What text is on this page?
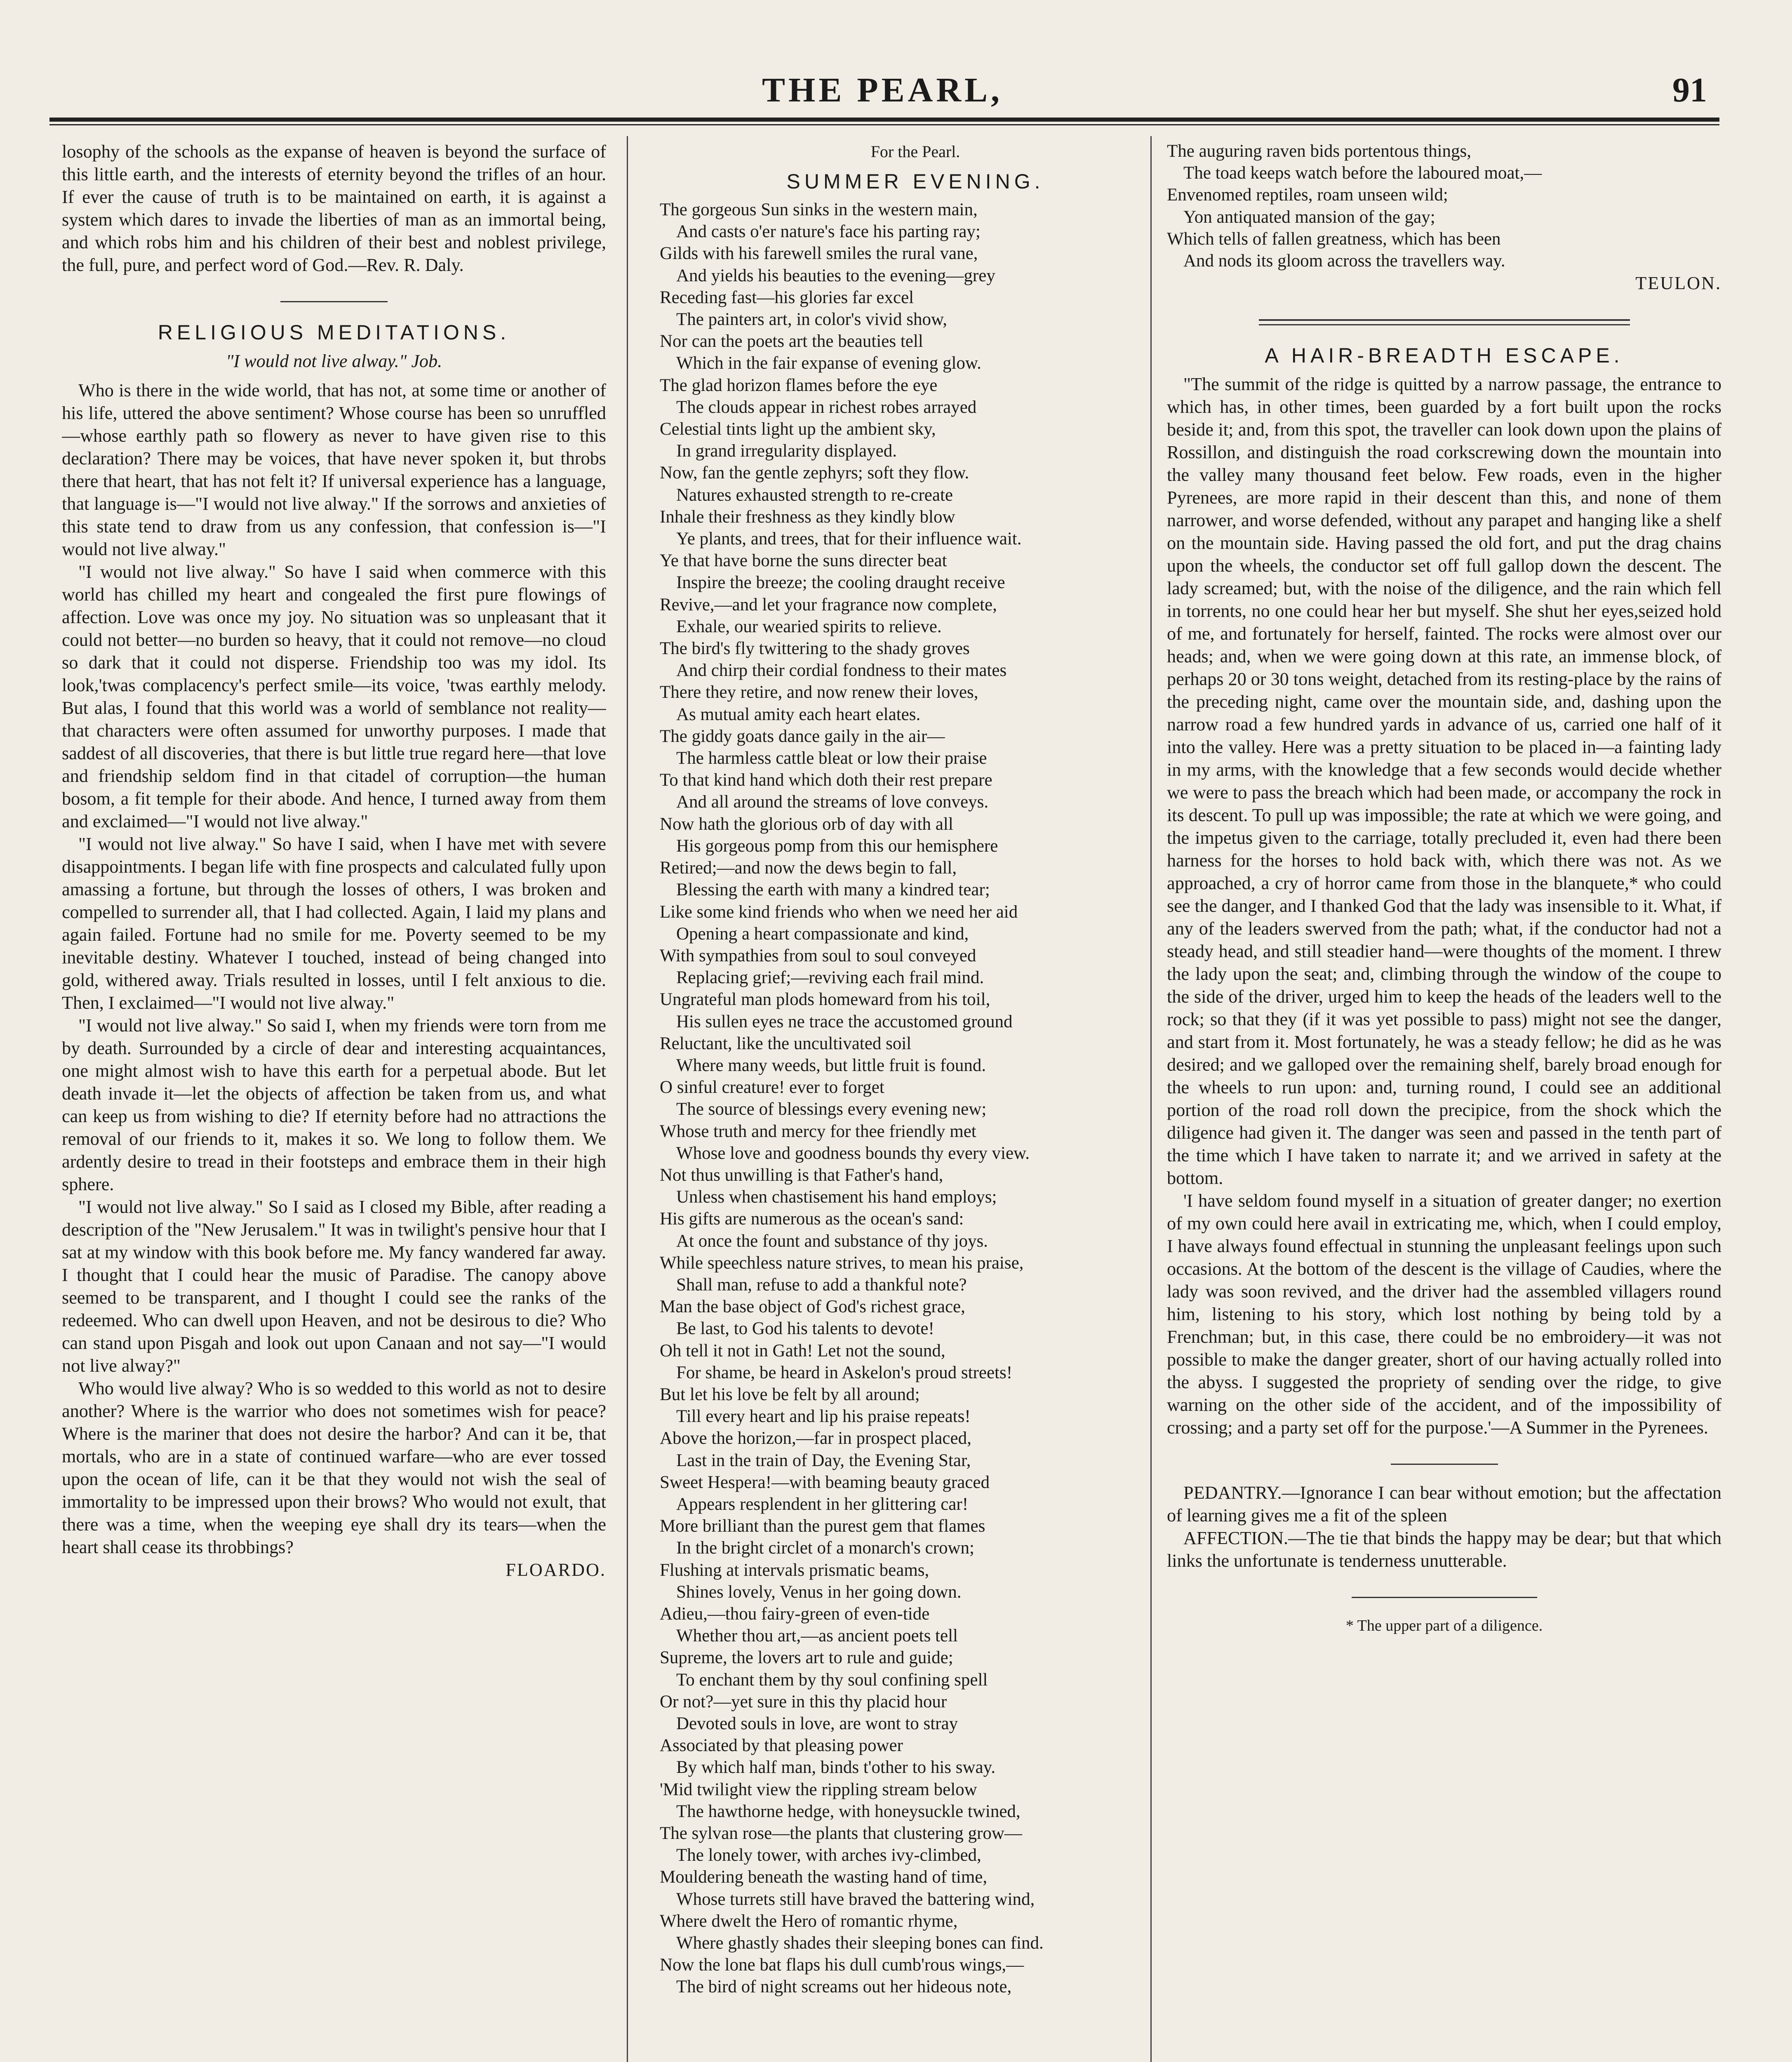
THE PEARL,	91

losophy of the schools as the expanse of heaven is beyond the surface of this little earth, and the interests of eternity beyond the trifles of an hour. If ever the cause of truth is to be maintained on earth, it is against a system which dares to invade the liberties of man as an immortal being, and which robs him and his children of their best and noblest privilege, the full, pure, and perfect word of God.—Rev. R. Daly.

RELIGIOUS MEDITATIONS.
"I would not live alway." Job.

Who is there in the wide world, that has not, at some time or another of his life, uttered the above sentiment? Whose course has been so unruffled—whose earthly path so flowery as never to have given rise to this declaration? There may be voices, that have never spoken it, but throbs there that heart, that has not felt it? If universal experience has a language, that language is—"I would not live alway." If the sorrows and anxieties of this state tend to draw from us any confession, that confession is—"I would not live alway."

"I would not live alway." So have I said when commerce with this world has chilled my heart and congealed the first pure flowings of affection. Love was once my joy. No situation was so unpleasant that it could not better—no burden so heavy, that it could not remove—no cloud so dark that it could not disperse. Friendship too was my idol. Its look,'twas complacency's perfect smile—its voice, 'twas earthly melody. But alas, I found that this world was a world of semblance not reality—that characters were often assumed for unworthy purposes. I made that saddest of all discoveries, that there is but little true regard here—that love and friendship seldom find in that citadel of corruption—the human bosom, a fit temple for their abode. And hence, I turned away from them and exclaimed—"I would not live alway."

"I would not live alway." So have I said, when I have met with severe disappointments. I began life with fine prospects and calculated fully upon amassing a fortune, but through the losses of others, I was broken and compelled to surrender all, that I had collected. Again, I laid my plans and again failed. Fortune had no smile for me. Poverty seemed to be my inevitable destiny. Whatever I touched, instead of being changed into gold, withered away. Trials resulted in losses, until I felt anxious to die. Then, I exclaimed—"I would not live alway."

"I would not live alway." So said I, when my friends were torn from me by death. Surrounded by a circle of dear and interesting acquaintances, one might almost wish to have this earth for a perpetual abode. But let death invade it—let the objects of affection be taken from us, and what can keep us from wishing to die? If eternity before had no attractions the removal of our friends to it, makes it so. We long to follow them. We ardently desire to tread in their footsteps and embrace them in their high sphere.

"I would not live alway." So I said as I closed my Bible, after reading a description of the "New Jerusalem." It was in twilight's pensive hour that I sat at my window with this book before me. My fancy wandered far away. I thought that I could hear the music of Paradise. The canopy above seemed to be transparent, and I thought I could see the ranks of the redeemed. Who can dwell upon Heaven, and not be desirous to die? Who can stand upon Pisgah and look out upon Canaan and not say—"I would not live alway?"

Who would live alway? Who is so wedded to this world as not to desire another? Where is the warrior who does not sometimes wish for peace? Where is the mariner that does not desire the harbor? And can it be, that mortals, who are in a state of continued warfare—who are ever tossed upon the ocean of life, can it be that they would not wish the seal of immortality to be impressed upon their brows? Who would not exult, that there was a time, when the weeping eye shall dry its tears—when the heart shall cease its throbbings?

FLOARDO.
For the Pearl.
SUMMER EVENING.
The gorgeous Sun sinks in the western main,
And casts o'er nature's face his parting ray;
Gilds with his farewell smiles the rural vane,
And yields his beauties to the evening—grey
Receding fast—his glories far excel
The painters art, in color's vivid show,
Nor can the poets art the beauties tell
Which in the fair expanse of evening glow.
The glad horizon flames before the eye
The clouds appear in richest robes arrayed
Celestial tints light up the ambient sky,
In grand irregularity displayed.
Now, fan the gentle zephyrs; soft they flow.
Natures exhausted strength to re-create
Inhale their freshness as they kindly blow
Ye plants, and trees, that for their influence wait.
Ye that have borne the suns directer beat
Inspire the breeze; the cooling draught receive
Revive,—and let your fragrance now complete,
Exhale, our wearied spirits to relieve.
The bird's fly twittering to the shady groves
And chirp their cordial fondness to their mates
There they retire, and now renew their loves,
As mutual amity each heart elates.
The giddy goats dance gaily in the air—
The harmless cattle bleat or low their praise
To that kind hand which doth their rest prepare
And all around the streams of love conveys.
Now hath the glorious orb of day with all
His gorgeous pomp from this our hemisphere
Retired;—and now the dews begin to fall,
Blessing the earth with many a kindred tear;
Like some kind friends who when we need her aid
Opening a heart compassionate and kind,
With sympathies from soul to soul conveyed
Replacing grief;—reviving each frail mind.
Ungrateful man plods homeward from his toil,
His sullen eyes ne trace the accustomed ground
Reluctant, like the uncultivated soil
Where many weeds, but little fruit is found.
O sinful creature! ever to forget
The source of blessings every evening new;
Whose truth and mercy for thee friendly met
Whose love and goodness bounds thy every view.
Not thus unwilling is that Father's hand,
Unless when chastisement his hand employs;
His gifts are numerous as the ocean's sand:
At once the fount and substance of thy joys.
While speechless nature strives, to mean his praise,
Shall man, refuse to add a thankful note?
Man the base object of God's richest grace,
Be last, to God his talents to devote!
Oh tell it not in Gath! Let not the sound,
For shame, be heard in Askelon's proud streets!
But let his love be felt by all around;
Till every heart and lip his praise repeats!
Above the horizon,—far in prospect placed,
Last in the train of Day, the Evening Star,
Sweet Hespera!—with beaming beauty graced
Appears resplendent in her glittering car!
More brilliant than the purest gem that flames
In the bright circlet of a monarch's crown;
Flushing at intervals prismatic beams,
Shines lovely, Venus in her going down.
Adieu,—thou fairy-green of even-tide
Whether thou art,—as ancient poets tell
Supreme, the lovers art to rule and guide;
To enchant them by thy soul confining spell
Or not?—yet sure in this thy placid hour
Devoted souls in love, are wont to stray
Associated by that pleasing power
By which half man, binds t'other to his sway.
'Mid twilight view the rippling stream below
The hawthorne hedge, with honeysuckle twined,
The sylvan rose—the plants that clustering grow—
The lonely tower, with arches ivy-climbed,
Mouldering beneath the wasting hand of time,
Whose turrets still have braved the battering wind,
Where dwelt the Hero of romantic rhyme,
Where ghastly shades their sleeping bones can find.
Now the lone bat flaps his dull cumb'rous wings,—
The bird of night screams out her hideous note,
The auguring raven bids portentous things,
The toad keeps watch before the laboured moat,—
Envenomed reptiles, roam unseen wild;
Yon antiquated mansion of the gay;
Which tells of fallen greatness, which has been
And nods its gloom across the travellers way.
TEULON.
A HAIR-BREADTH ESCAPE.

"The summit of the ridge is quitted by a narrow passage, the entrance to which has, in other times, been guarded by a fort built upon the rocks beside it; and, from this spot, the traveller can look down upon the plains of Rossillon, and distinguish the road corkscrewing down the mountain into the valley many thousand feet below. Few roads, even in the higher Pyrenees, are more rapid in their descent than this, and none of them narrower, and worse defended, without any parapet and hanging like a shelf on the mountain side. Having passed the old fort, and put the drag chains upon the wheels, the conductor set off full gallop down the descent. The lady screamed; but, with the noise of the diligence, and the rain which fell in torrents, no one could hear her but myself. She shut her eyes,seized hold of me, and fortunately for herself, fainted. The rocks were almost over our heads; and, when we were going down at this rate, an immense block, of perhaps 20 or 30 tons weight, detached from its resting-place by the rains of the preceding night, came over the mountain side, and, dashing upon the narrow road a few hundred yards in advance of us, carried one half of it into the valley. Here was a pretty situation to be placed in—a fainting lady in my arms, with the knowledge that a few seconds would decide whether we were to pass the breach which had been made, or accompany the rock in its descent. To pull up was impossible; the rate at which we were going, and the impetus given to the carriage, totally precluded it, even had there been harness for the horses to hold back with, which there was not. As we approached, a cry of horror came from those in the blanquete,* who could see the danger, and I thanked God that the lady was insensible to it. What, if any of the leaders swerved from the path; what, if the conductor had not a steady head, and still steadier hand—were thoughts of the moment. I threw the lady upon the seat; and, climbing through the window of the coupe to the side of the driver, urged him to keep the heads of the leaders well to the rock; so that they (if it was yet possible to pass) might not see the danger, and start from it. Most fortunately, he was a steady fellow; he did as he was desired; and we galloped over the remaining shelf, barely broad enough for the wheels to run upon: and, turning round, I could see an additional portion of the road roll down the precipice, from the shock which the diligence had given it. The danger was seen and passed in the tenth part of the time which I have taken to narrate it; and we arrived in safety at the bottom.

'I have seldom found myself in a situation of greater danger; no exertion of my own could here avail in extricating me, which, when I could employ, I have always found effectual in stunning the unpleasant feelings upon such occasions. At the bottom of the descent is the village of Caudies, where the lady was soon revived, and the driver had the assembled villagers round him, listening to his story, which lost nothing by being told by a Frenchman; but, in this case, there could be no embroidery—it was not possible to make the danger greater, short of our having actually rolled into the abyss. I suggested the propriety of sending over the ridge, to give warning on the other side of the accident, and of the impossibility of crossing; and a party set off for the purpose.'—A Summer in the Pyrenees.

PEDANTRY.—Ignorance I can bear without emotion; but the affectation of learning gives me a fit of the spleen

AFFECTION.—The tie that binds the happy may be dear; but that which links the unfortunate is tenderness unutterable.

* The upper part of a diligence.
